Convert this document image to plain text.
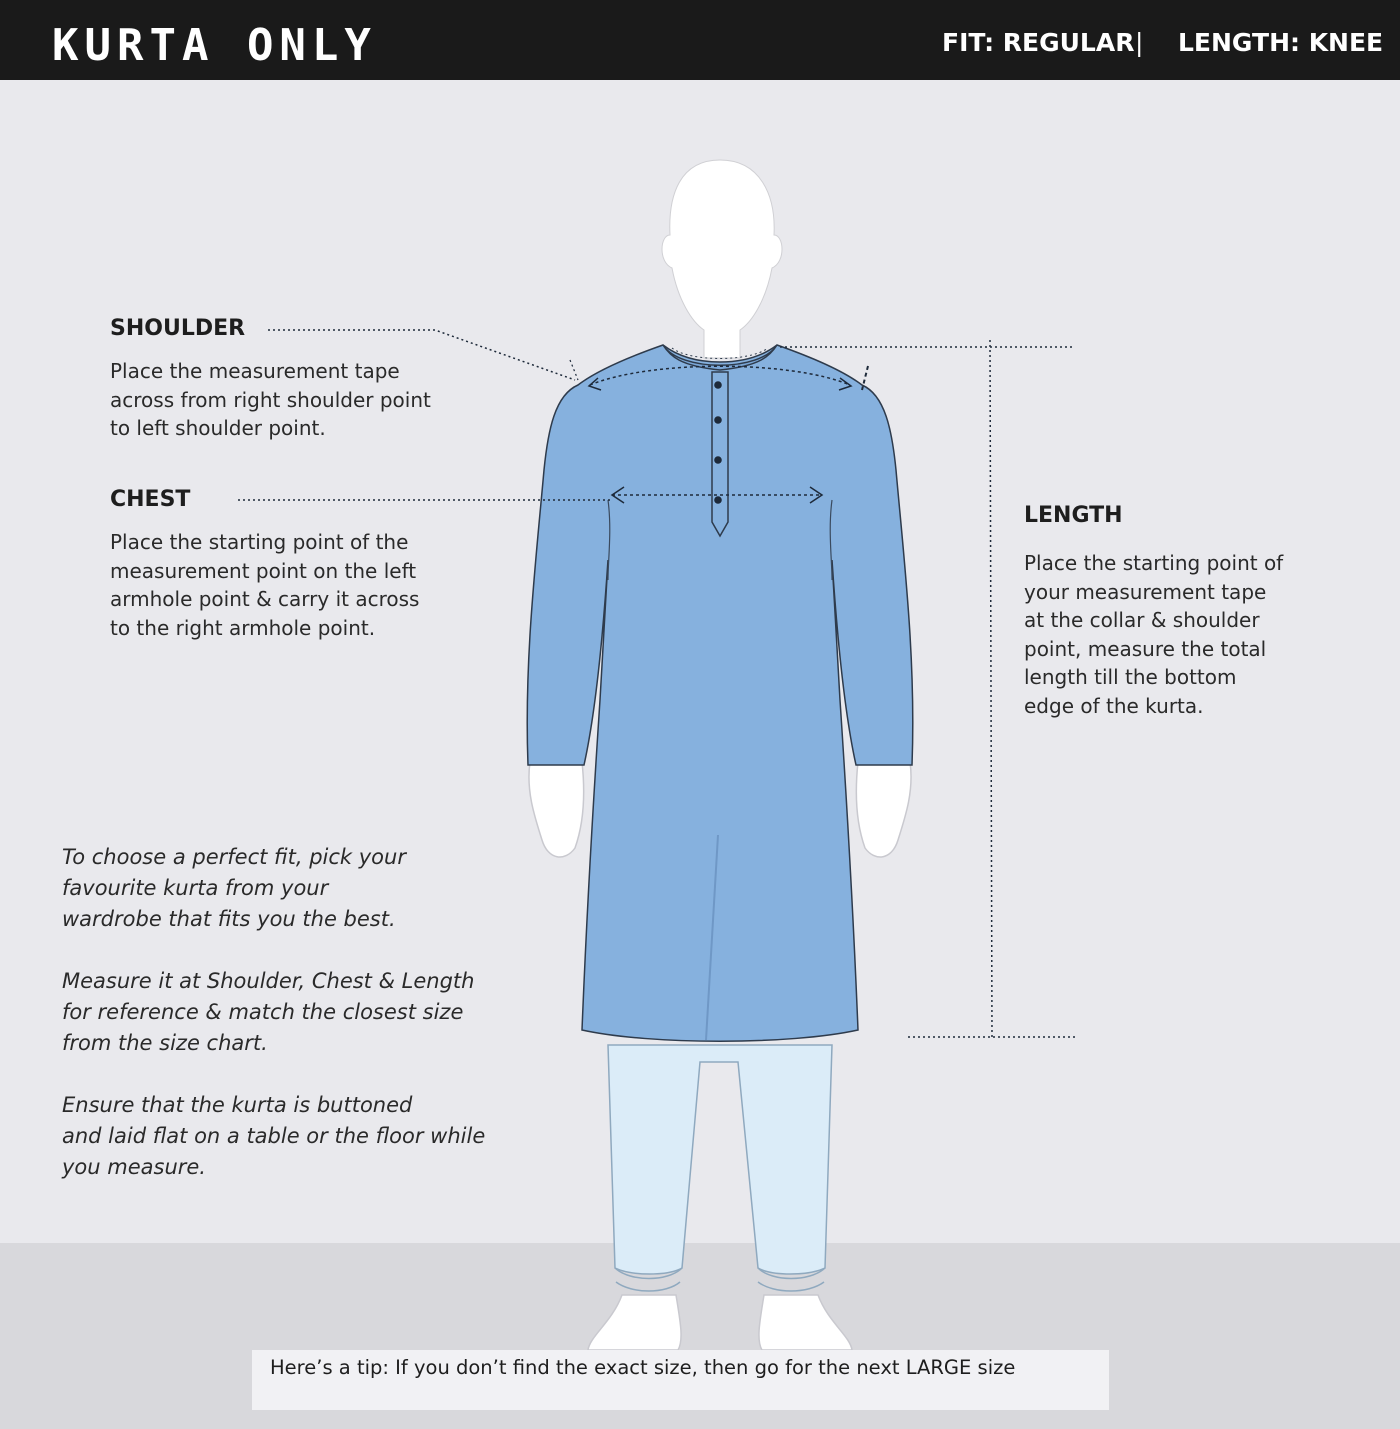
KURTA ONLY	FIT: REGULAR | LENGTH: KNEE
SHOULDER
Place the measurement tape
across from right shoulder point
to left shoulder point.
CHEST
Place the starting point of the
measurement point on the left
armhole point & carry it across
to the right armhole point.
LENGTH
Place the starting point of
your measurement tape
at the collar & shoulder
point, measure the total
length till the bottom
edge of the kurta.
To choose a perfect fit, pick your
favourite kurta from your
wardrobe that fits you the best.
Measure it at Shoulder, Chest & Length
for reference & match the closest size
from the size chart.
Ensure that the kurta is buttoned
and laid flat on a table or the floor while
you measure.
Here’s a tip: If you don’t find the exact size, then go for the next LARGE size
